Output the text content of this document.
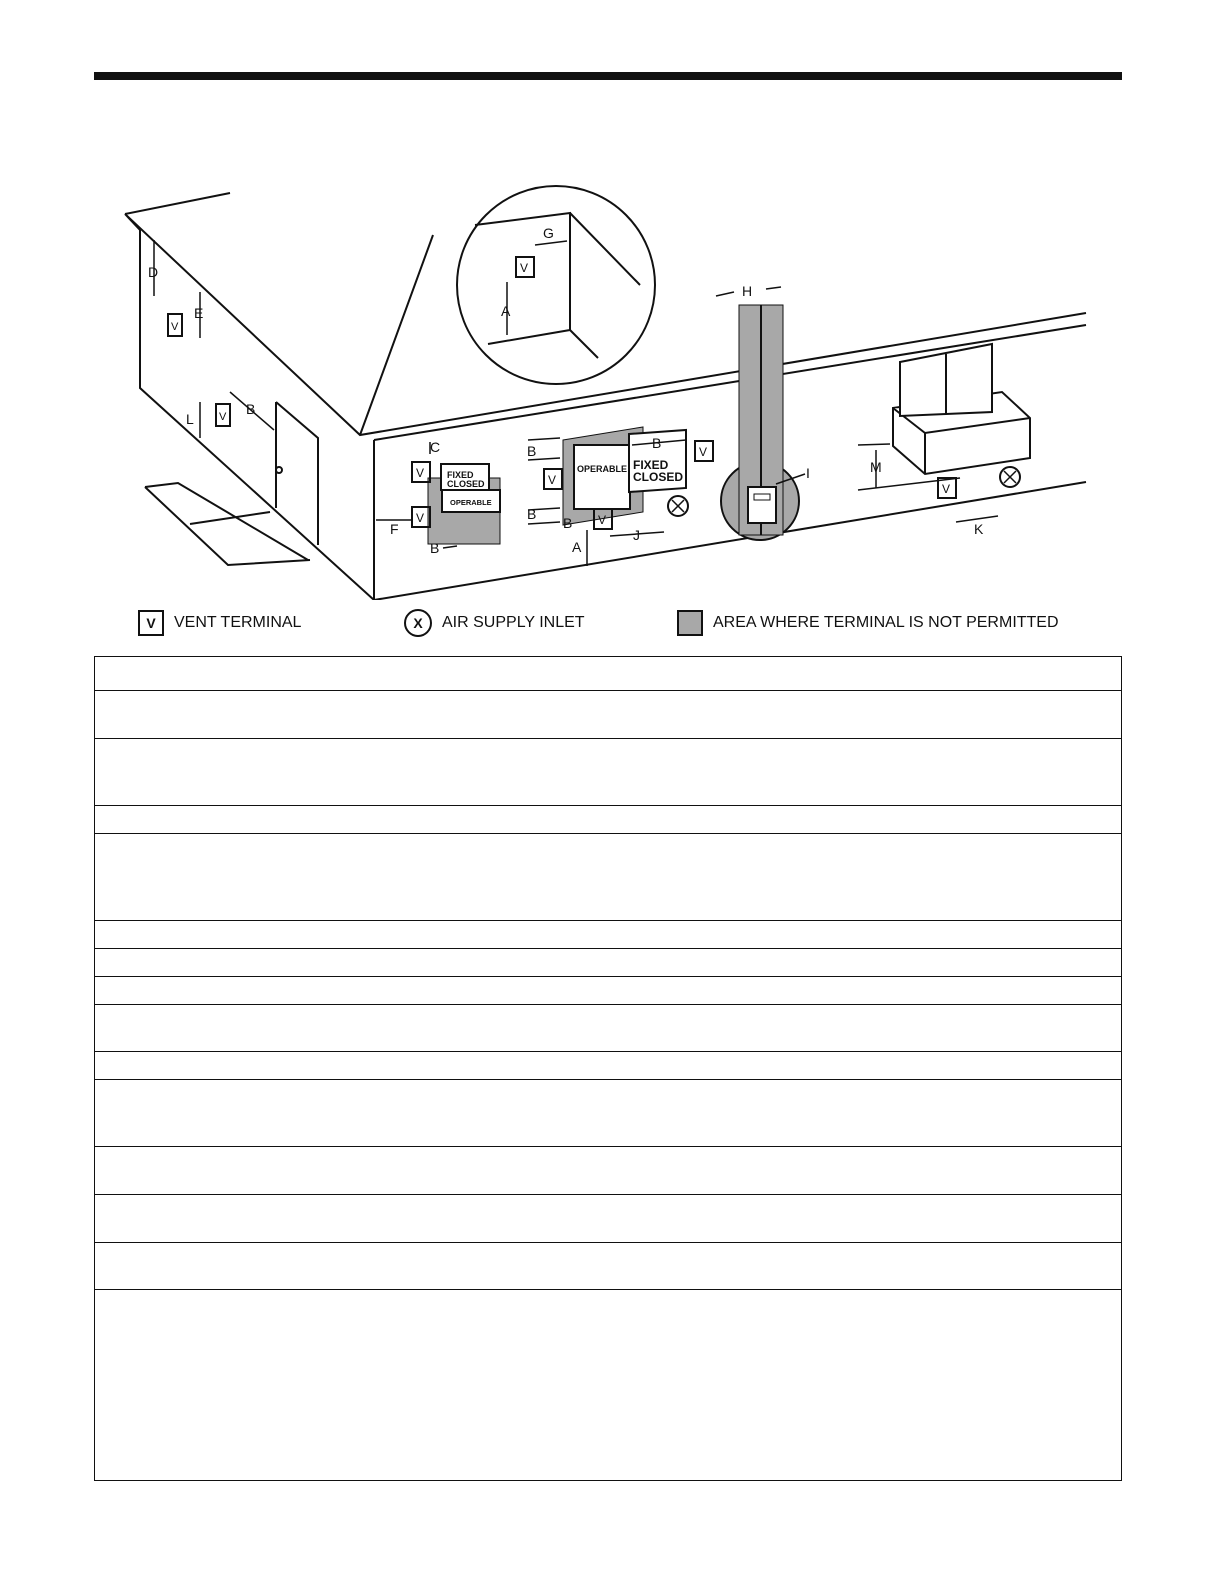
D
E
L
B
V
V
V
G
A
FIXED CLOSED
OPERABLE
C
F
B
V
V
OPERABLE FIXED CLOSED
B
B
B
B
A
J
V
V
V
H
I	M
K
V
V	VENT TERMINAL	X	AIR SUPPLY INLET	AREA WHERE TERMINAL IS NOT PERMITTED
